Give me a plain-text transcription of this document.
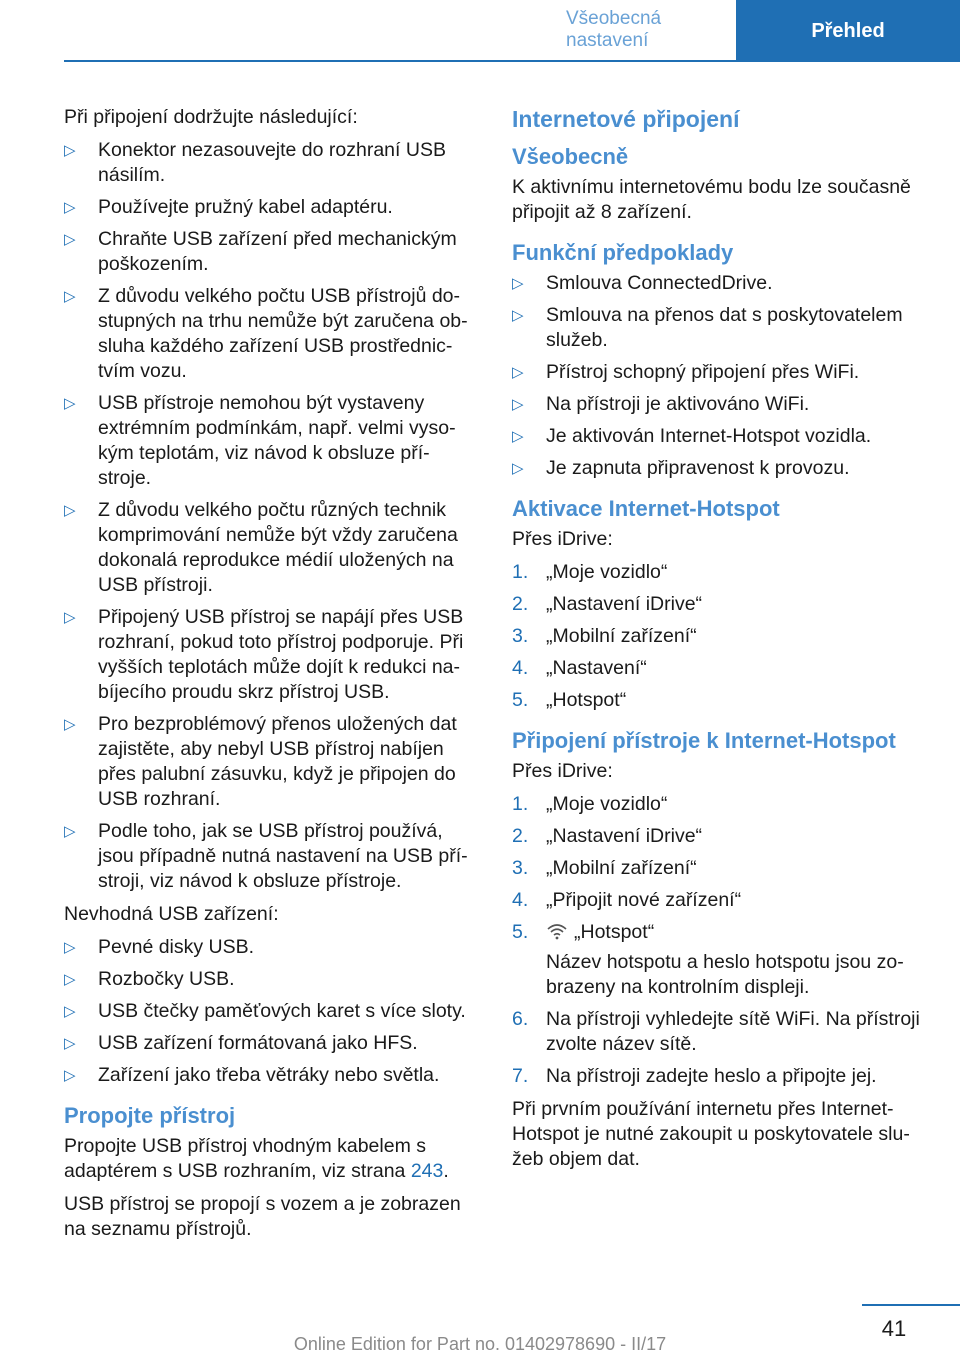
Všeobecná nastavení	Přehled

Při připojení dodržujte následující:

▷ Konektor nezasouvejte do rozhraní USB násilím.
▷ Používejte pružný kabel adaptéru.
▷ Chraňte USB zařízení před mechanickým poškozením.
▷ Z důvodu velkého počtu USB přístrojů do‐stupných na trhu nemůže být zaručena ob‐sluha každého zařízení USB prostřednic‐tvím vozu.
▷ USB přístroje nemohou být vystaveny extrémním podmínkám, např. velmi vyso‐kým teplotám, viz návod k obsluze pří‐stroje.
▷ Z důvodu velkého počtu různých technik komprimování nemůže být vždy zaručena dokonalá reprodukce médií uložených na USB přístroji.
▷ Připojený USB přístroj se napájí přes USB rozhraní, pokud toto přístroj podporuje. Při vyšších teplotách může dojít k redukci na‐bíjecího proudu skrz přístroj USB.
▷ Pro bezproblémový přenos uložených dat zajistěte, aby nebyl USB přístroj nabíjen přes palubní zásuvku, když je připojen do USB rozhraní.
▷ Podle toho, jak se USB přístroj používá, jsou případně nutná nastavení na USB pří‐stroji, viz návod k obsluze přístroje.

Nevhodná USB zařízení:

▷ Pevné disky USB.
▷ Rozbočky USB.
▷ USB čtečky paměťových karet s více sloty.
▷ USB zařízení formátovaná jako HFS.
▷ Zařízení jako třeba větráky nebo světla.
Propojte přístroj

Propojte USB přístroj vhodným kabelem s adaptérem s USB rozhraním, viz strana 243.

USB přístroj se propojí s vozem a je zobrazen na seznamu přístrojů.

Internetové připojení
Všeobecně

K aktivnímu internetovému bodu lze současně připojit až 8 zařízení.

Funkční předpoklady
▷ Smlouva ConnectedDrive.
▷ Smlouva na přenos dat s poskytovatelem služeb.
▷ Přístroj schopný připojení přes WiFi.
▷ Na přístroji je aktivováno WiFi.
▷ Je aktivován Internet-Hotspot vozidla.
▷ Je zapnuta připravenost k provozu.
Aktivace Internet-Hotspot

Přes iDrive:

1. „Moje vozidlo“
2. „Nastavení iDrive“
3. „Mobilní zařízení“
4. „Nastavení“
5. „Hotspot“
Připojení přístroje k Internet-Hotspot

Přes iDrive:

1. „Moje vozidlo“
2. „Nastavení iDrive“
3. „Mobilní zařízení“
4. „Připojit nové zařízení“
5. „Hotspot“
Název hotspotu a heslo hotspotu jsou zo‐brazeny na kontrolním displeji.
6. Na přístroji vyhledejte sítě WiFi. Na přístroji zvolte název sítě.
7. Na přístroji zadejte heslo a připojte jej.

Při prvním používání internetu přes Internet-Hotspot je nutné zakoupit u poskytovatele slu‐žeb objem dat.

41
Online Edition for Part no. 01402978690 - II/17
